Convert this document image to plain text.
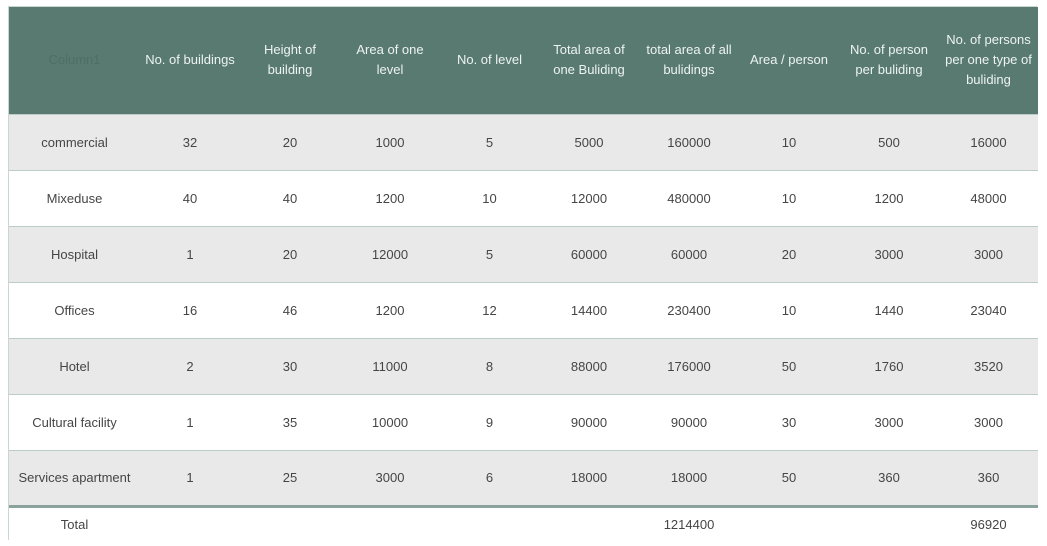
Column1	No. of buildings	Height of building	Area of one level	No. of level	Total area of one Buliding	total area of all bulidings	Area / person	No. of person per buliding	No. of persons per one type of buliding
commercial	32	20	1000	5	5000	160000	10	500	16000
Mixeduse	40	40	1200	10	12000	480000	10	1200	48000
Hospital	1	20	12000	5	60000	60000	20	3000	3000
Offices	16	46	1200	12	14400	230400	10	1440	23040
Hotel	2	30	11000	8	88000	176000	50	1760	3520
Cultural facility	1	35	10000	9	90000	90000	30	3000	3000
Services apartment	1	25	3000	6	18000	18000	50	360	360
Total						1214400			96920
